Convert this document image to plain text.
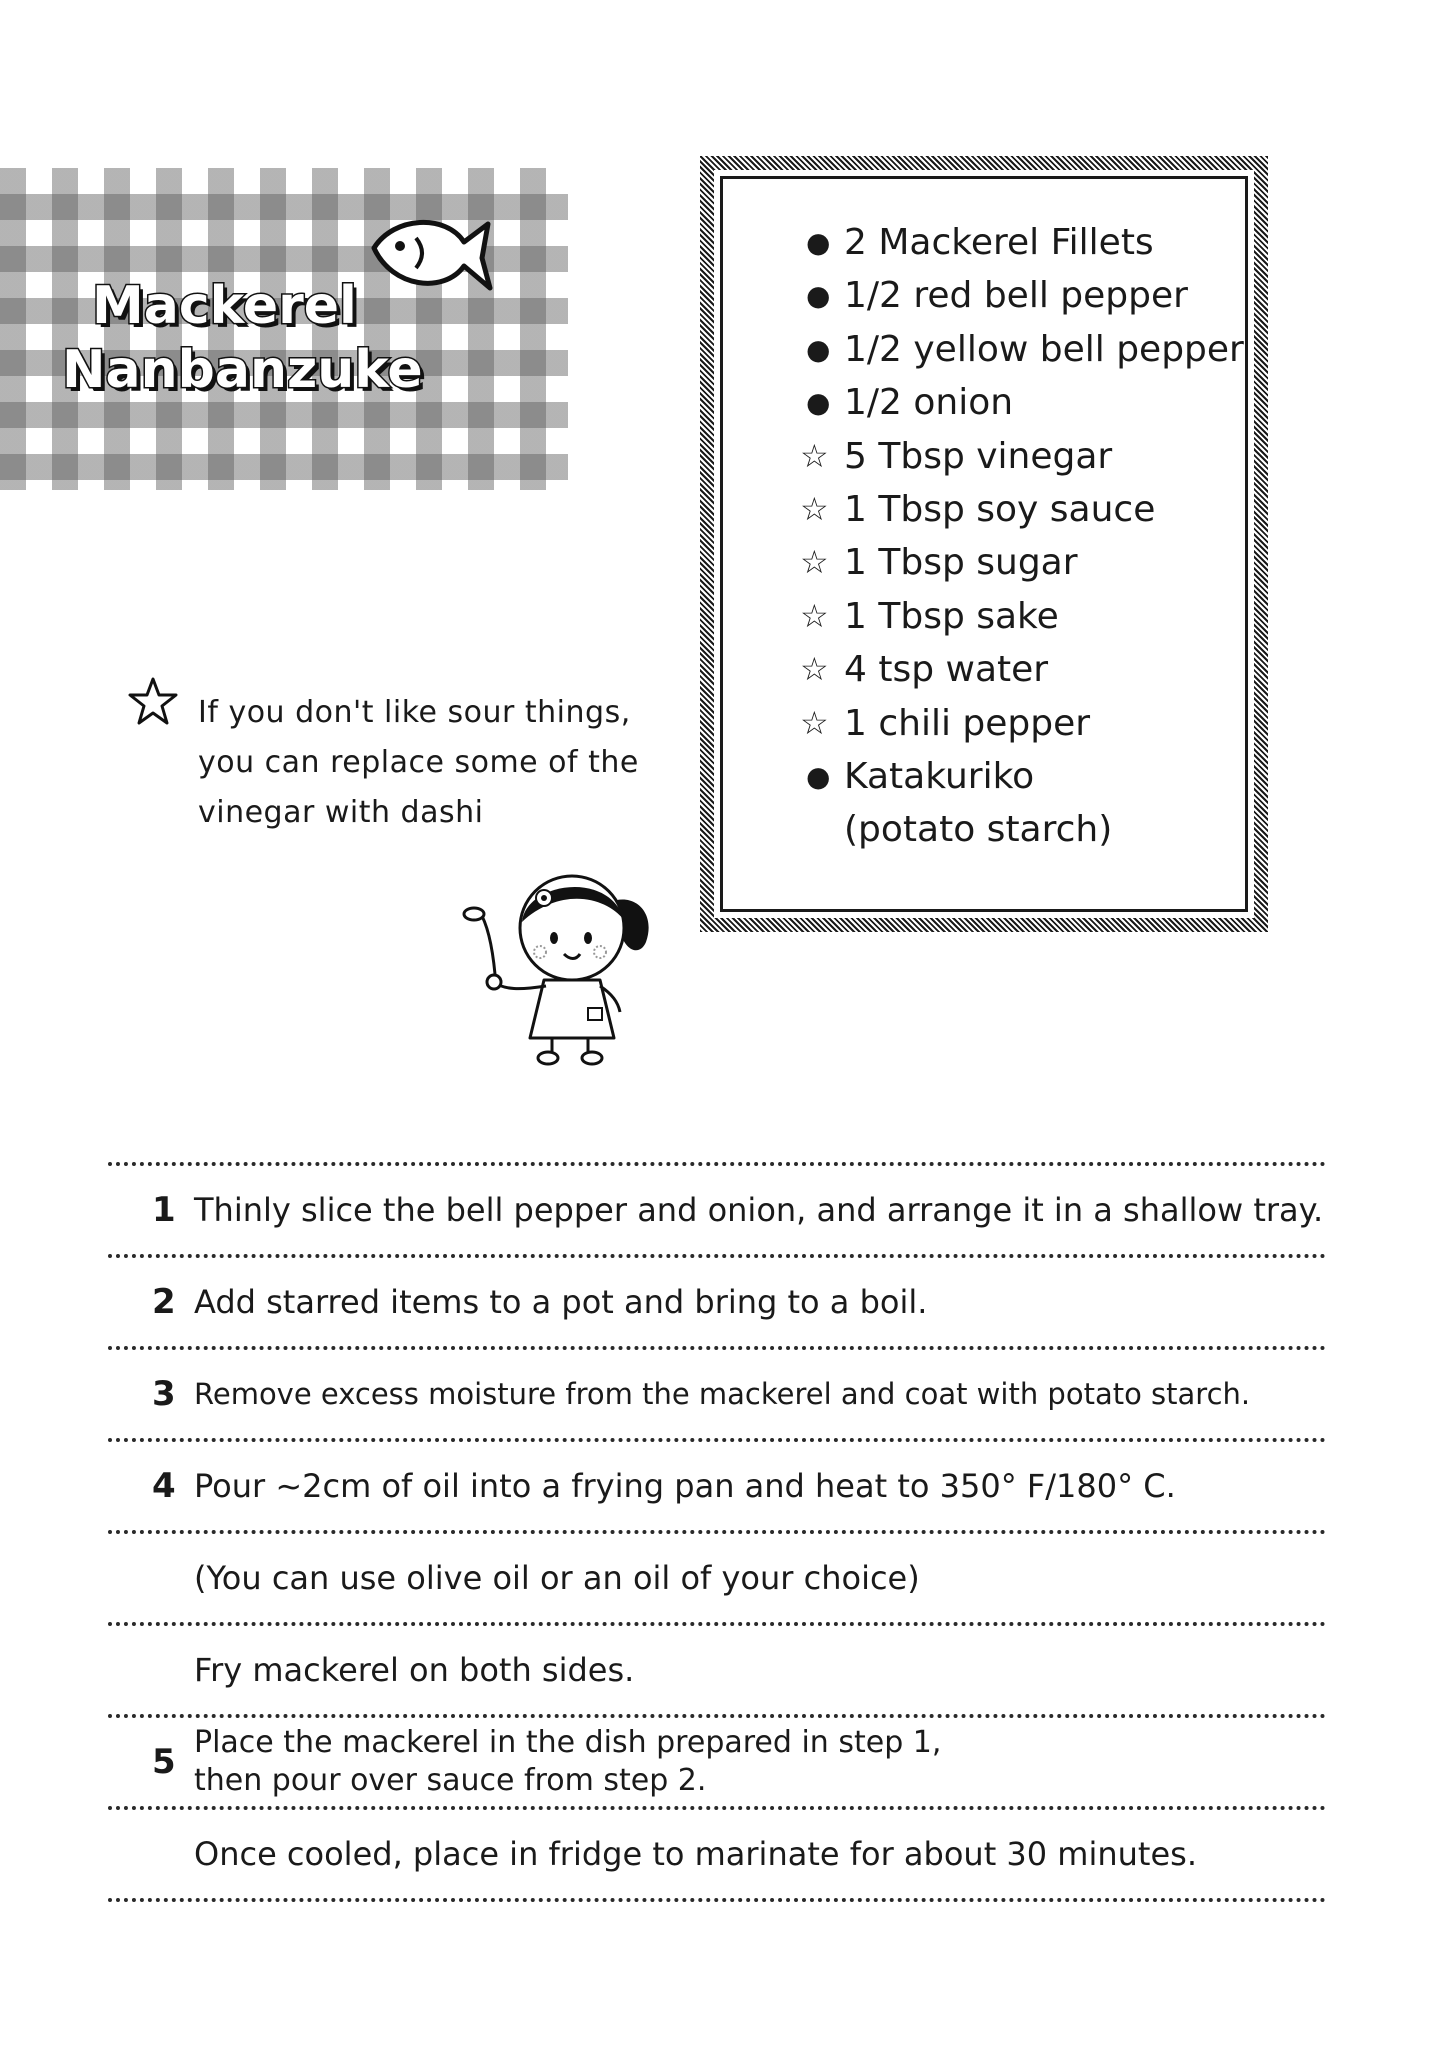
Mackerel
Nanbanzuke
● 2 Mackerel Fillets
● 1/2 red bell pepper
● 1/2 yellow bell pepper
● 1/2 onion
☆ 5 Tbsp vinegar
☆ 1 Tbsp soy sauce
☆ 1 Tbsp sugar
☆ 1 Tbsp sake
☆ 4 tsp water
☆ 1 chili pepper
● Katakuriko
(potato starch)

If you don't like sour things,
you can replace some of the
vinegar with dashi

1 Thinly slice the bell pepper and onion, and arrange it in a shallow tray.
2 Add starred items to a pot and bring to a boil.
3 Remove excess moisture from the mackerel and coat with potato starch.
4 Pour ~2cm of oil into a frying pan and heat to 350° F/180° C.
(You can use olive oil or an oil of your choice)
Fry mackerel on both sides.
5 Place the mackerel in the dish prepared in step 1,
then pour over sauce from step 2.
Once cooled, place in fridge to marinate for about 30 minutes.
